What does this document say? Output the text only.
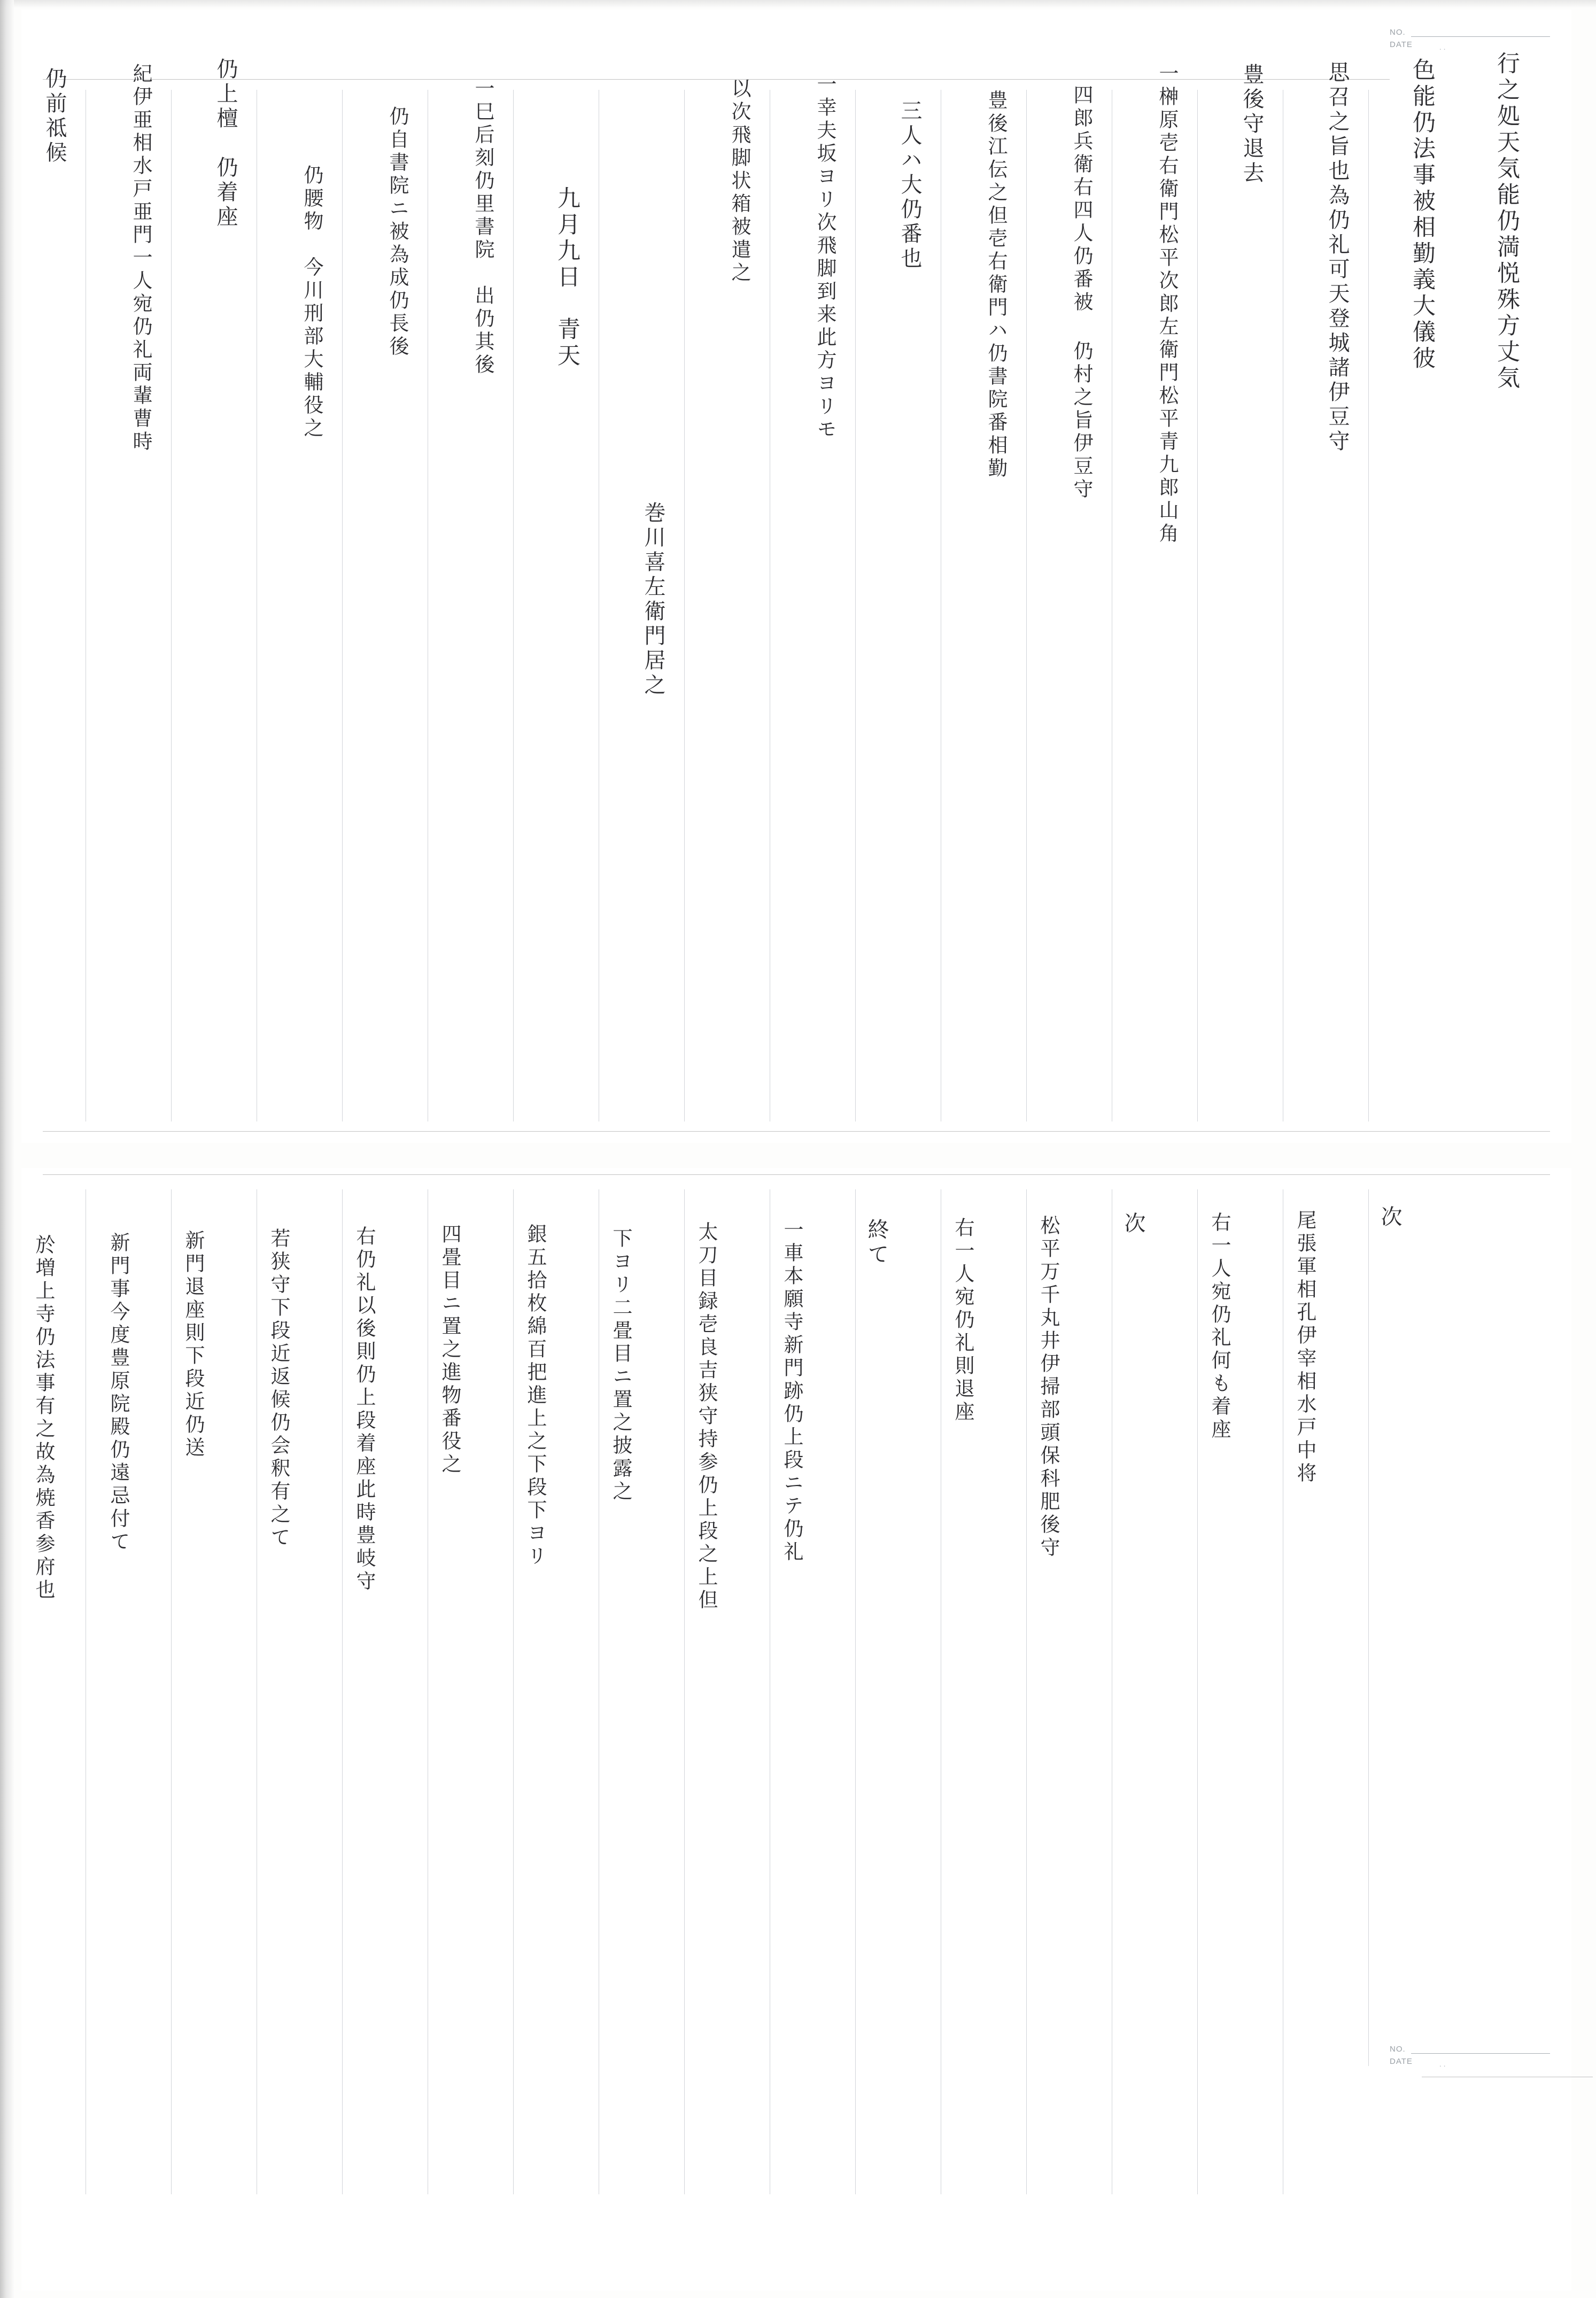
NO.
DATE	. .
行之処天気能仍満悦殊方丈気
色能仍法事被相勤義大儀彼
思召之旨也為仍礼可天登城諸伊豆守
豊後守退去
一榊原壱右衛門松平次郎左衛門松平青九郎山角
四郎兵衛右四人仍番被 仍村之旨伊豆守
豊後江伝之但壱右衛門ハ仍書院番相勤
三人ハ大仍番也
一幸夫坂ヨリ次飛脚到来此方ヨリモ
以次飛脚状箱被遣之
巻川喜左衛門居之
九月九日　青天
一巳后刻仍里書院　出仍其後
仍自書院ニ被為成仍長後
仍腰物　今川刑部大輔役之
仍上檀　仍着座
紀伊亜相水戸亜門一人宛仍礼両輩曹時
仍前祗候
NO.
DATE	. .
次
尾張軍相孔伊宰相水戸中将
右一人宛仍礼何も着座
次
松平万千丸井伊掃部頭保科肥後守
右一人宛仍礼則退座
終て
一車本願寺新門跡仍上段ニテ仍礼
太刀目録壱良吉狭守持参仍上段之上但
下ヨリ二畳目ニ置之披露之
銀五拾枚綿百把進上之下段下ヨリ
四畳目ニ置之進物番役之
右仍礼以後則仍上段着座此時豊岐守
若狭守下段近返候仍会釈有之て
新門退座則下段近仍送
新門事今度豊原院殿仍遠忌付て
於増上寺仍法事有之故為焼香参府也
